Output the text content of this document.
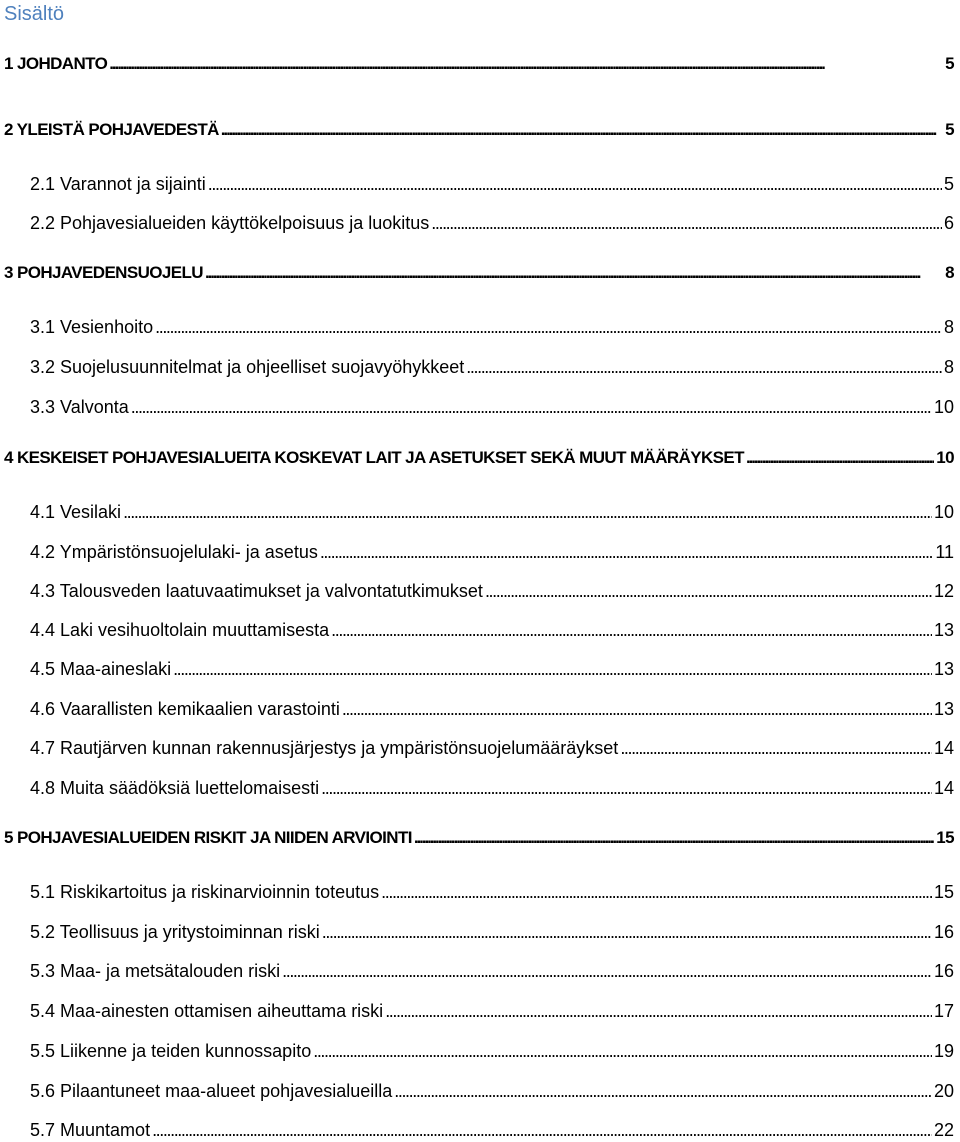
Sisältö
1 JOHDANTO . . .	5
2 YLEISTÄ POHJAVEDESTÄ . . .	5
2.1 Varannot ja sijainti . . .	5
2.2 Pohjavesialueiden käyttökelpoisuus ja luokitus . . .	6
3 POHJAVEDENSUOJELU . . .	8
3.1 Vesienhoito . . .	8
3.2 Suojelusuunnitelmat ja ohjeelliset suojavyöhykkeet . . .	8
3.3 Valvonta . . .	10
4 KESKEISET POHJAVESIALUEITA KOSKEVAT LAIT JA ASETUKSET SEKÄ MUUT MÄÄRÄYKSET . . .	10
4.1 Vesilaki . . .	10
4.2 Ympäristönsuojelulaki- ja asetus . . .	11
4.3 Talousveden laatuvaatimukset ja valvontatutkimukset . . .	12
4.4 Laki vesihuoltolain muuttamisesta . . .	13
4.5 Maa-aineslaki . . .	13
4.6 Vaarallisten kemikaalien varastointi . . .	13
4.7 Rautjärven kunnan rakennusjärjestys ja ympäristönsuojelumääräykset . . .	14
4.8 Muita säädöksiä luettelomaisesti . . .	14
5 POHJAVESIALUEIDEN RISKIT JA NIIDEN ARVIOINTI . . .	15
5.1 Riskikartoitus ja riskinarvioinnin toteutus . . .	15
5.2 Teollisuus ja yritystoiminnan riski . . .	16
5.3 Maa- ja metsätalouden riski . . .	16
5.4 Maa-ainesten ottamisen aiheuttama riski . . .	17
5.5 Liikenne ja teiden kunnossapito . . .	19
5.6 Pilaantuneet maa-alueet pohjavesialueilla . . .	20
5.7 Muuntamot . . .	22
